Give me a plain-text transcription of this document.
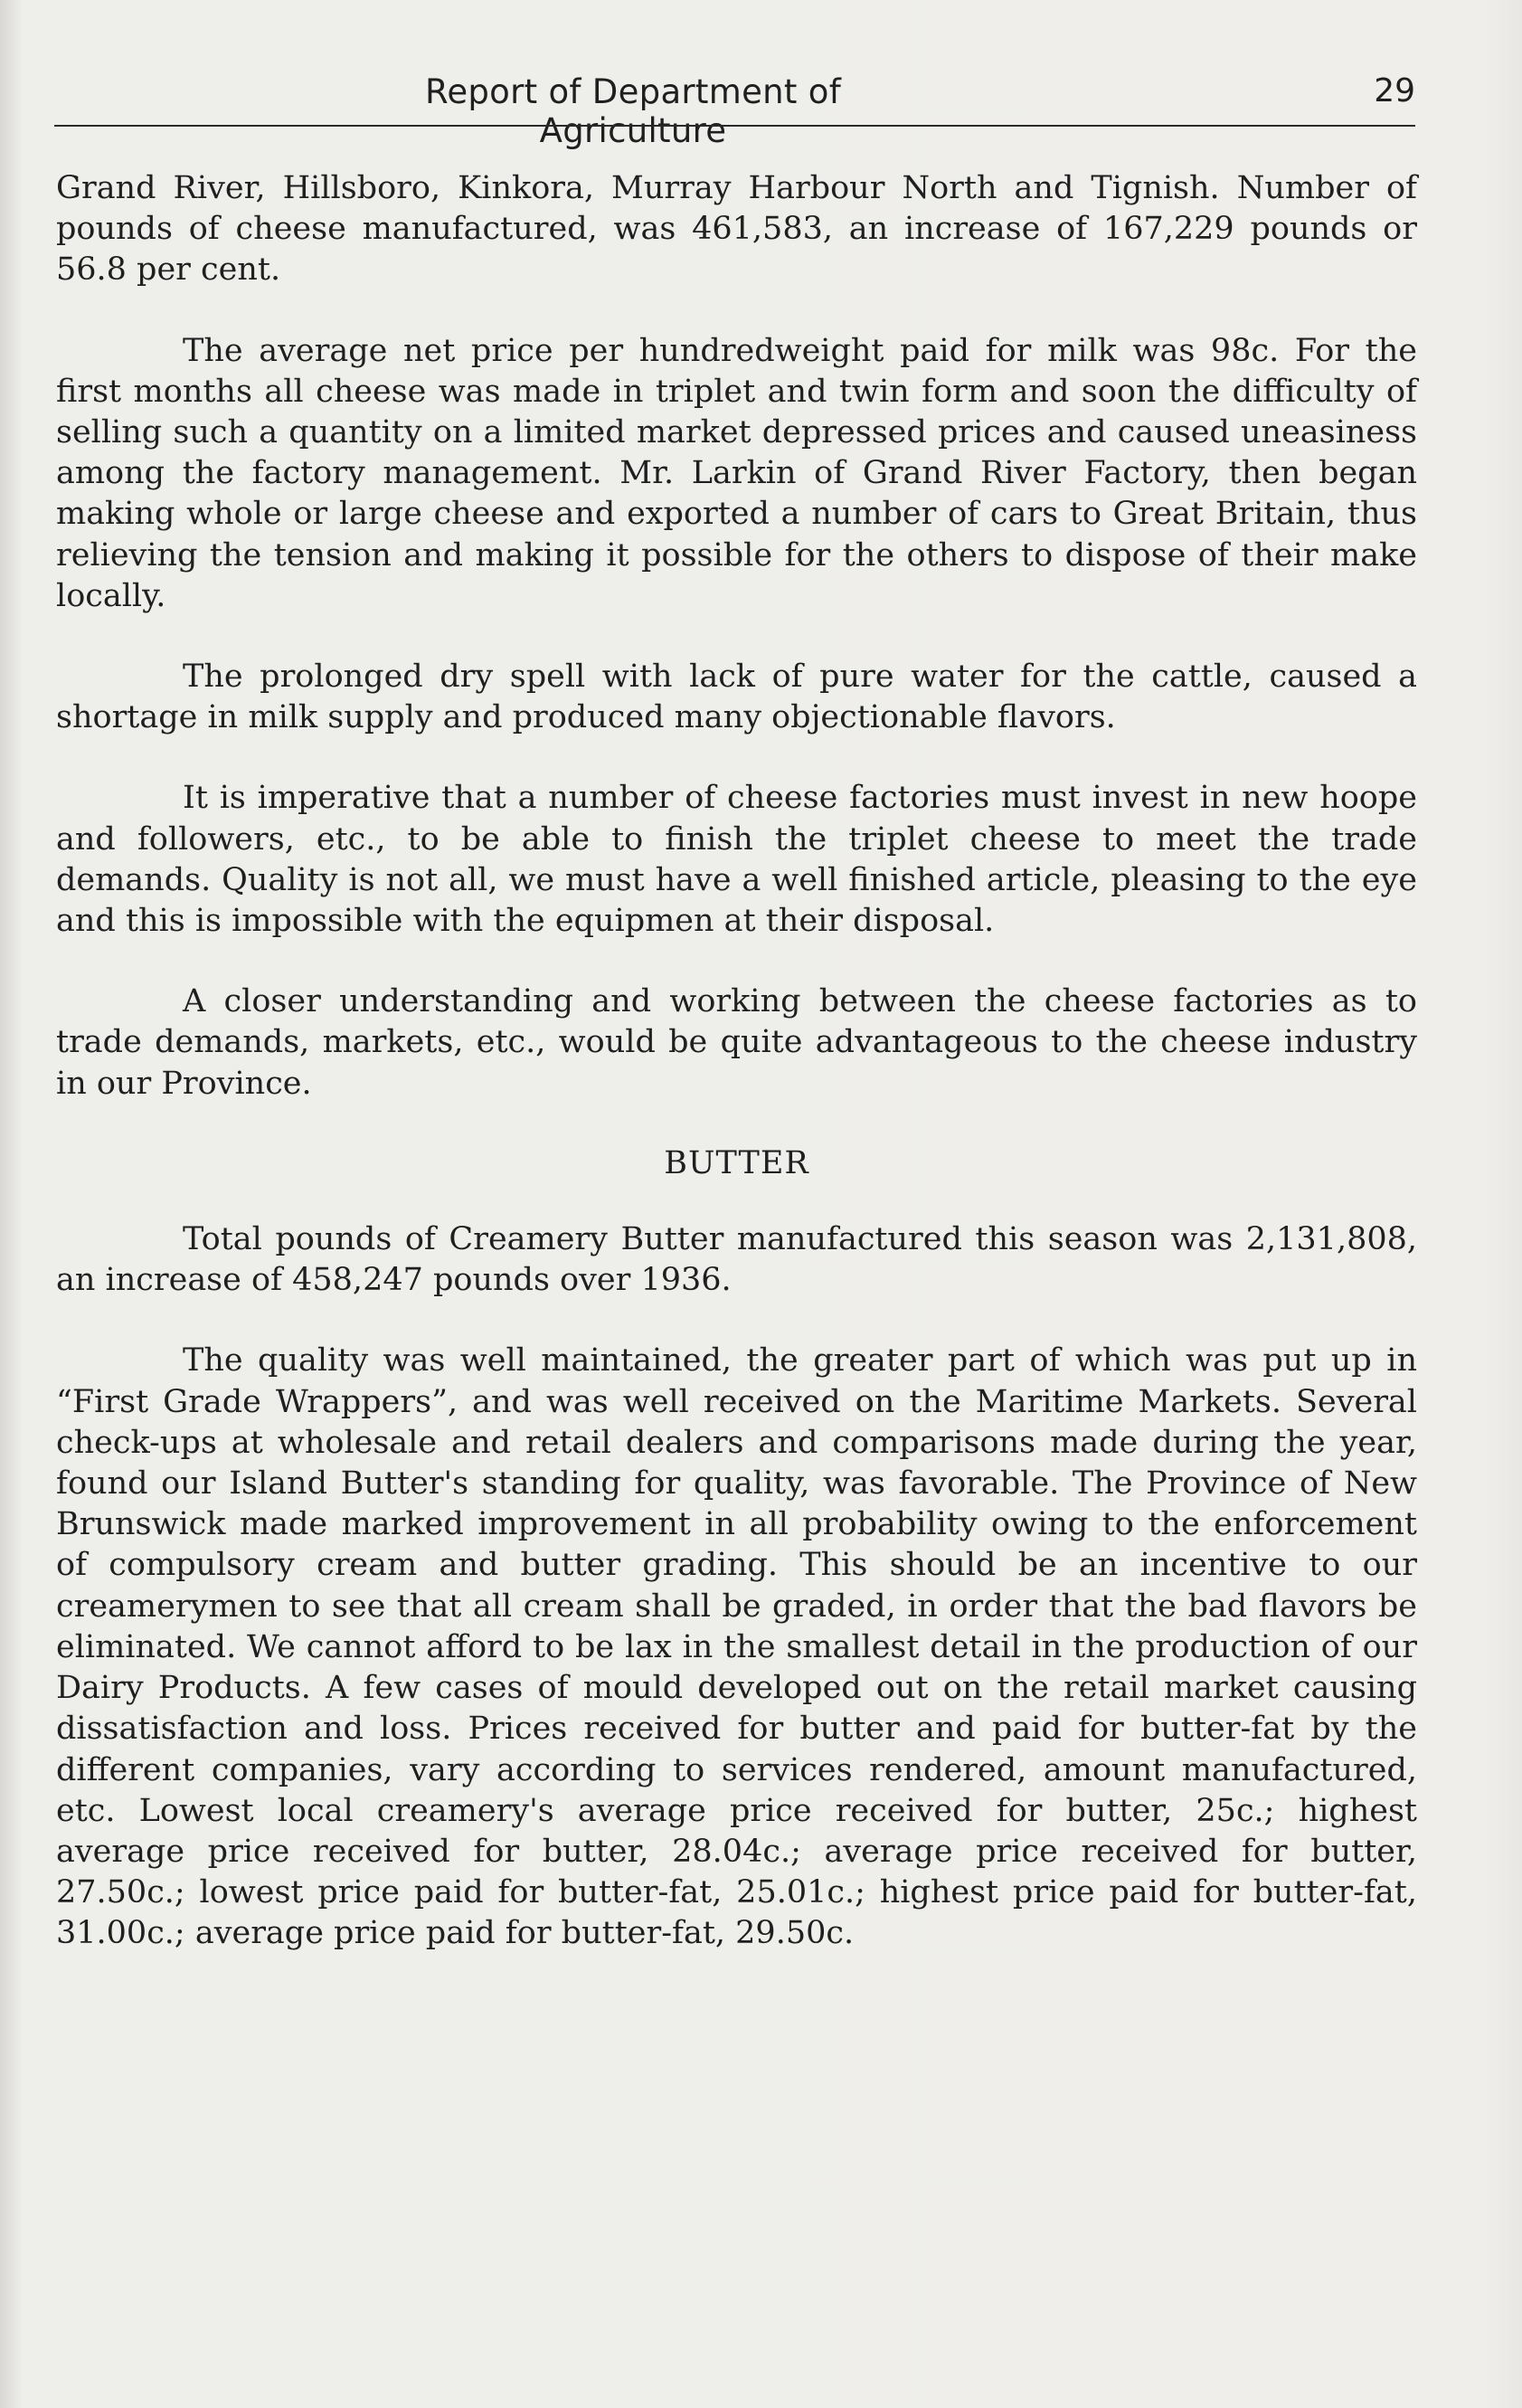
Report of Department of Agriculture
29

Grand River, Hillsboro, Kinkora, Murray Harbour North and Tignish. Number of pounds of cheese manufactured, was 461,583, an increase of 167,229 pounds or 56.8 per cent.

The average net price per hundredweight paid for milk was 98c. For the first months all cheese was made in triplet and twin form and soon the difficulty of selling such a quantity on a limited market depressed prices and caused uneasiness among the factory management. Mr. Larkin of Grand River Factory, then began making whole or large cheese and exported a number of cars to Great Britain, thus relieving the tension and making it possible for the others to dispose of their make locally.

The prolonged dry spell with lack of pure water for the cattle, caused a shortage in milk supply and produced many objectionable flavors.

It is imperative that a number of cheese factories must invest in new hoope and followers, etc., to be able to finish the triplet cheese to meet the trade demands. Quality is not all, we must have a well finished article, pleasing to the eye and this is impossible with the equipmen at their disposal.

A closer understanding and working between the cheese factories as to trade demands, markets, etc., would be quite advantageous to the cheese industry in our Province.

BUTTER

Total pounds of Creamery Butter manufactured this season was 2,131,808, an increase of 458,247 pounds over 1936.

The quality was well maintained, the greater part of which was put up in “First Grade Wrappers”, and was well received on the Maritime Markets. Several check-ups at wholesale and retail dealers and comparisons made during the year, found our Island Butter's standing for quality, was favorable. The Province of New Brunswick made marked improvement in all probability owing to the enforcement of compulsory cream and butter grading. This should be an incentive to our creamerymen to see that all cream shall be graded, in order that the bad flavors be eliminated. We cannot afford to be lax in the smallest detail in the production of our Dairy Products. A few cases of mould developed out on the retail market causing dissatisfaction and loss. Prices received for butter and paid for butter-fat by the different companies, vary according to services rendered, amount manufactured, etc. Lowest local creamery's average price received for butter, 25c.; highest average price received for butter, 28.04c.; average price received for butter, 27.50c.; lowest price paid for butter-fat, 25.01c.; highest price paid for butter-fat, 31.00c.; average price paid for butter-fat, 29.50c.
